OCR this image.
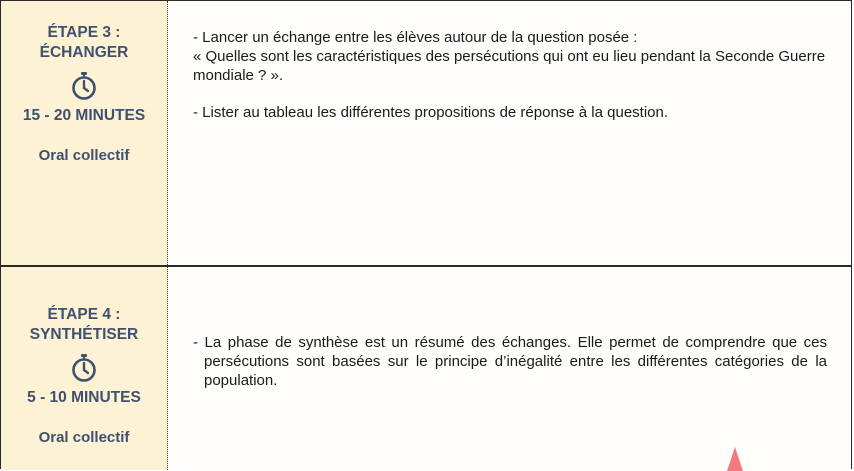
ÉTAPE 3 :
ÉCHANGER
15 - 20 MINUTES
Oral collectif

- Lancer un échange entre les élèves autour de la question posée :

« Quelles sont les caractéristiques des persécutions qui ont eu lieu pendant la Seconde Guerre mondiale ? ».

- Lister au tableau les différentes propositions de réponse à la question.

ÉTAPE 4 :
SYNTHÉTISER
5 - 10 MINUTES
Oral collectif

- La phase de synthèse est un résumé des échanges. Elle permet de comprendre que ces persécutions sont basées sur le principe d’inégalité entre les différentes catégories de la population.
